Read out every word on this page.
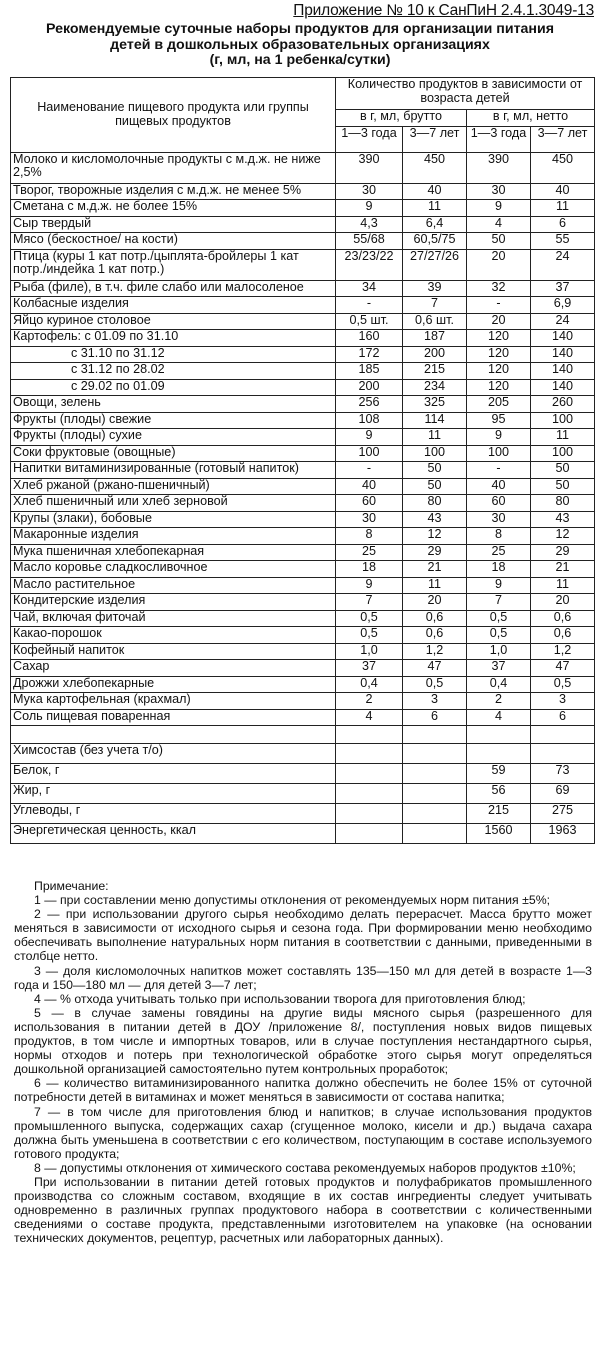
Приложение № 10 к СанПиН 2.4.1.3049-13
Рекомендуемые суточные наборы продуктов для организации питания
детей в дошкольных образовательных организациях
(г, мл, на 1 ребенка/сутки)
Наименование пищевого продукта или группы пищевых продуктов	Количество продуктов в зависимости от возраста детей			
	в г, мл, брутто		в г, мл, нетто	
	1—3 года	3—7 лет	1—3 года	3—7 лет
Молоко и кисломолочные продукты с м.д.ж. не ниже 2,5%	390	450	390	450
Творог, творожные изделия с м.д.ж. не менее 5%	30	40	30	40
Сметана с м.д.ж. не более 15%	9	11	9	11
Сыр твердый	4,3	6,4	4	6
Мясо (бескостное/ на кости)	55/68	60,5/75	50	55
Птица (куры 1 кат потр./цыплята-бройлеры 1 кат потр./индейка 1 кат потр.)	23/23/22	27/27/26	20	24
Рыба (филе), в т.ч. филе слабо или малосоленое	34	39	32	37
Колбасные изделия	-	7	-	6,9
Яйцо куриное столовое	0,5 шт.	0,6 шт.	20	24
Картофель: с 01.09 по 31.10	160	187	120	140
с 31.10 по 31.12	172	200	120	140
с 31.12 по 28.02	185	215	120	140
с 29.02 по 01.09	200	234	120	140
Овощи, зелень	256	325	205	260
Фрукты (плоды) свежие	108	114	95	100
Фрукты (плоды) сухие	9	11	9	11
Соки фруктовые (овощные)	100	100	100	100
Напитки витаминизированные (готовый напиток)	-	50	-	50
Хлеб ржаной (ржано-пшеничный)	40	50	40	50
Хлеб пшеничный или хлеб зерновой	60	80	60	80
Крупы (злаки), бобовые	30	43	30	43
Макаронные изделия	8	12	8	12
Мука пшеничная хлебопекарная	25	29	25	29
Масло коровье сладкосливочное	18	21	18	21
Масло растительное	9	11	9	11
Кондитерские изделия	7	20	7	20
Чай, включая фиточай	0,5	0,6	0,5	0,6
Какао-порошок	0,5	0,6	0,5	0,6
Кофейный напиток	1,0	1,2	1,0	1,2
Сахар	37	47	37	47
Дрожжи хлебопекарные	0,4	0,5	0,4	0,5
Мука картофельная (крахмал)	2	3	2	3
Соль пищевая поваренная	4	6	4	6

Химсостав (без учета т/о)				
Белок, г			59	73
Жир, г			56	69
Углеводы, г			215	275
Энергетическая ценность, ккал			1560	1963

Примечание:

1 — при составлении меню допустимы отклонения от рекомендуемых норм питания ±5%;

2 — при использовании другого сырья необходимо делать перерасчет. Масса брутто может меняться в зависимости от исходного сырья и сезона года. При формировании меню необходимо обеспечивать выполнение натуральных норм питания в соответствии с данными, приведенными в столбце нетто.

3 — доля кисломолочных напитков может составлять 135—150 мл для детей в возрасте 1—3 года и 150—180 мл — для детей 3—7 лет;

4 — % отхода учитывать только при использовании творога для приготовления блюд;

5 — в случае замены говядины на другие виды мясного сырья (разрешенного для использования в питании детей в ДОУ /приложение 8/, поступления новых видов пищевых продуктов, в том числе и импортных товаров, или в случае поступления нестандартного сырья, нормы отходов и потерь при технологической обработке этого сырья могут определяться дошкольной организацией самостоятельно путем контрольных проработок;

6 — количество витаминизированного напитка должно обеспечить не более 15% от суточной потребности детей в витаминах и может меняться в зависимости от состава напитка;

7 — в том числе для приготовления блюд и напитков; в случае использования продуктов промышленного выпуска, содержащих сахар (сгущенное молоко, кисели и др.) выдача сахара должна быть уменьшена в соответствии с его количеством, поступающим в составе используемого готового продукта;

8 — допустимы отклонения от химического состава рекомендуемых наборов продуктов ±10%;

При использовании в питании детей готовых продуктов и полуфабрикатов промышленного производства со сложным составом, входящие в их состав ингредиенты следует учитывать одновременно в различных группах продуктового набора в соответствии с количественными сведениями о составе продукта, представленными изготовителем на упаковке (на основании технических документов, рецептур, расчетных или лабораторных данных).
